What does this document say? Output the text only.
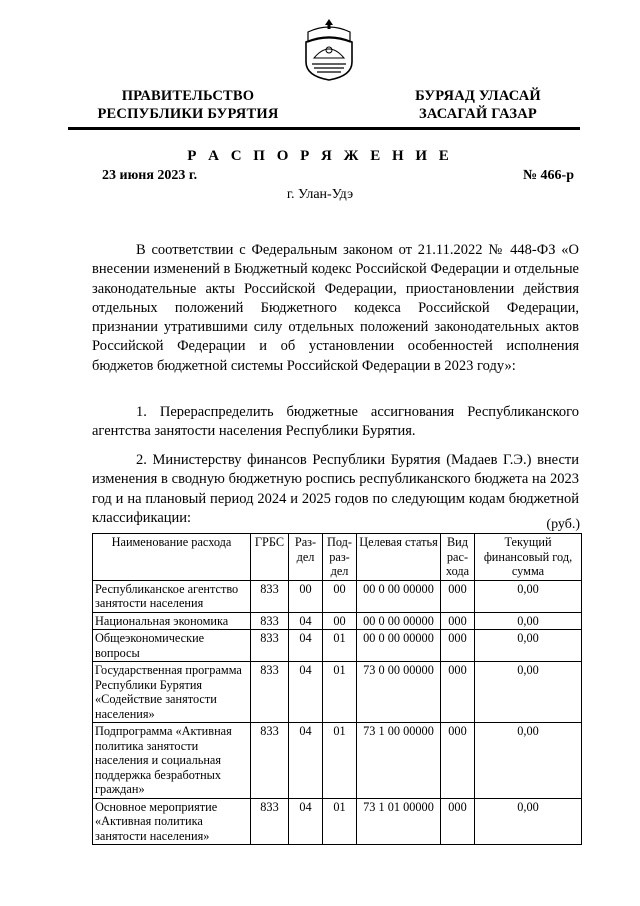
ПРАВИТЕЛЬСТВО
РЕСПУБЛИКИ БУРЯТИЯ
БУРЯАД УЛАСАЙ
ЗАСАГАЙ ГАЗАР
Р А С П О Р Я Ж Е Н И Е
23 июня 2023 г.	№ 466-р
г. Улан-Удэ

В соответствии с Федеральным законом от 21.11.2022 № 448-ФЗ «О внесении изменений в Бюджетный кодекс Российской Федерации и отдельные законодательные акты Российской Федерации, приостановлении действия отдельных положений Бюджетного кодекса Российской Федерации, признании утратившими силу отдельных положений законодательных актов Российской Федерации и об установлении особенностей исполнения бюджетов бюджетной системы Российской Федерации в 2023 году»:

1. Перераспределить бюджетные ассигнования Республиканского агентства занятости населения Республики Бурятия.

2. Министерству финансов Республики Бурятия (Мадаев Г.Э.) внести изменения в сводную бюджетную роспись республиканского бюджета на 2023 год и на плановый период 2024 и 2025 годов по следующим кодам бюджетной классификации:	(руб.)
Наименование расхода	ГРБС	Раз-дел	Под-раз-дел	Целевая статья	Вид рас-хода	Текущий финансовый год, сумма
Республиканское агентство занятости населения	833	00	00	00 0 00 00000	000	0,00
Национальная экономика	833	04	00	00 0 00 00000	000	0,00
Общеэкономические вопросы	833	04	01	00 0 00 00000	000	0,00
Государственная программа Республики Бурятия «Содействие занятости населения»	833	04	01	73 0 00 00000	000	0,00
Подпрограмма «Активная политика занятости населения и социальная поддержка безработных граждан»	833	04	01	73 1 00 00000	000	0,00
Основное мероприятие «Активная политика занятости населения»	833	04	01	73 1 01 00000	000	0,00
